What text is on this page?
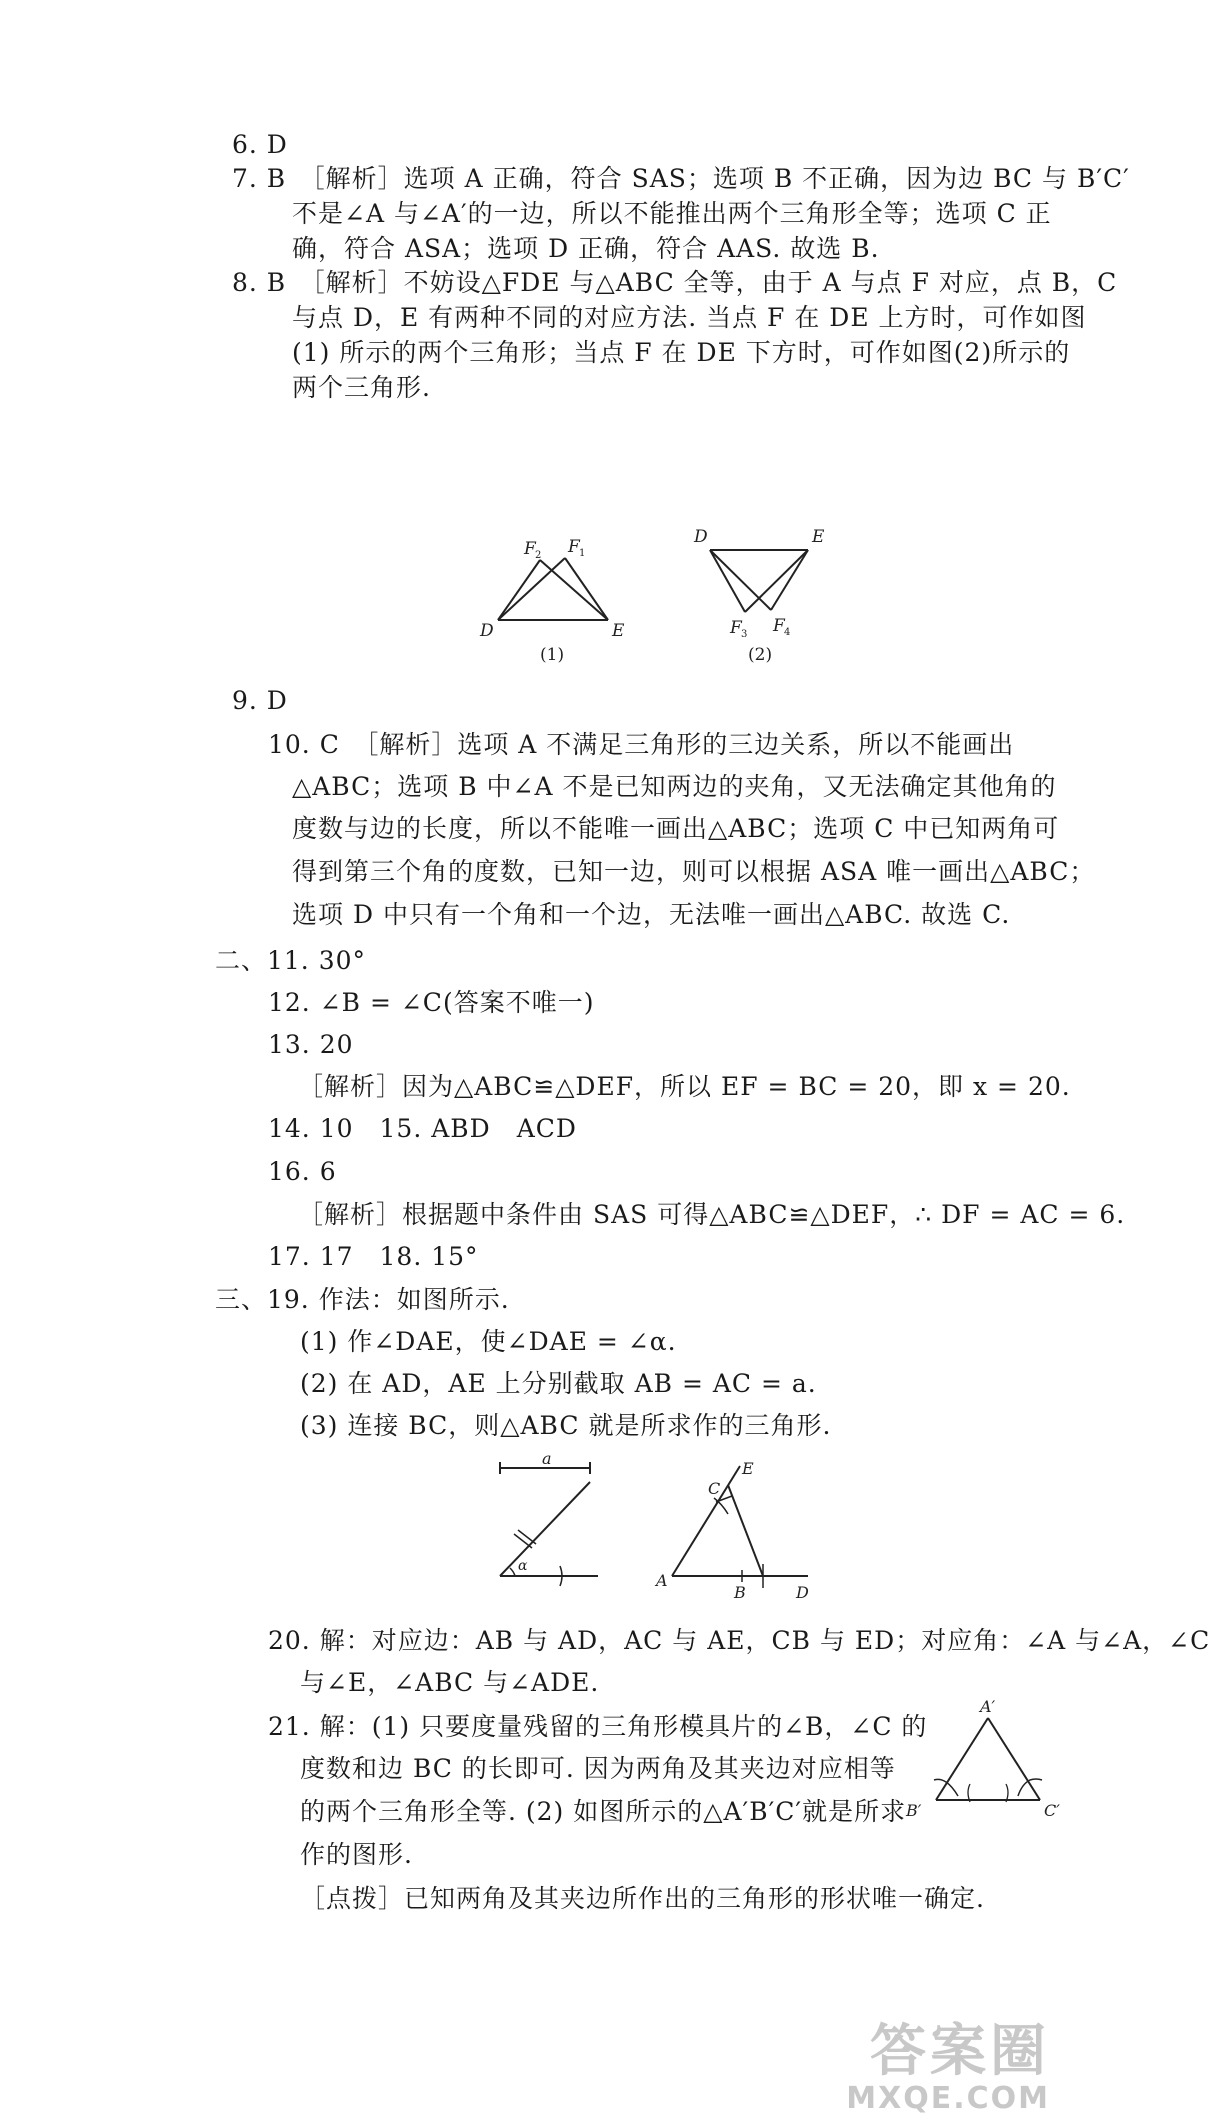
6. D
7. B　［解析］选项 A 正确，符合 SAS；选项 B 不正确，因为边 BC 与 B′C′
不是∠A 与∠A′的一边，所以不能推出两个三角形全等；选项 C 正
确，符合 ASA；选项 D 正确，符合 AAS. 故选 B.
8. B　［解析］不妨设△FDE 与△ABC 全等，由于 A 与点 F 对应，点 B，C
与点 D，E 有两种不同的对应方法. 当点 F 在 DE 上方时，可作如图
(1) 所示的两个三角形；当点 F 在 DE 下方时，可作如图(2)所示的
两个三角形.
D	E
F 2 F 1
(1)
D	E
F 3 F 4
(2)
9. D
10. C　［解析］选项 A 不满足三角形的三边关系，所以不能画出
△ABC；选项 B 中∠A 不是已知两边的夹角，又无法确定其他角的
度数与边的长度，所以不能唯一画出△ABC；选项 C 中已知两角可
得到第三个角的度数，已知一边，则可以根据 ASA 唯一画出△ABC；
选项 D 中只有一个角和一个边，无法唯一画出△ABC. 故选 C.
二、11. 30°
12. ∠B = ∠C(答案不唯一)
13. 20
［解析］因为△ABC≌△DEF，所以 EF = BC = 20，即 x = 20.
14. 10　15. ABD　ACD
16. 6
［解析］根据题中条件由 SAS 可得△ABC≌△DEF，∴ DF = AC = 6.
17. 17　18. 15°
三、19. 作法：如图所示.
(1) 作∠DAE，使∠DAE = ∠α.
(2) 在 AD，AE 上分别截取 AB = AC = a.
(3) 连接 BC，则△ABC 就是所求作的三角形.
a
α
A
B
C
D
E
20. 解：对应边：AB 与 AD，AC 与 AE，CB 与 ED；对应角：∠A 与∠A，∠C
与∠E，∠ABC 与∠ADE.
21. 解：(1) 只要度量残留的三角形模具片的∠B，∠C 的
度数和边 BC 的长即可. 因为两角及其夹边对应相等
的两个三角形全等. (2) 如图所示的△A′B′C′就是所求
作的图形.
A′
B′	C′
［点拨］已知两角及其夹边所作出的三角形的形状唯一确定.
答案圈
MXQE.COM
